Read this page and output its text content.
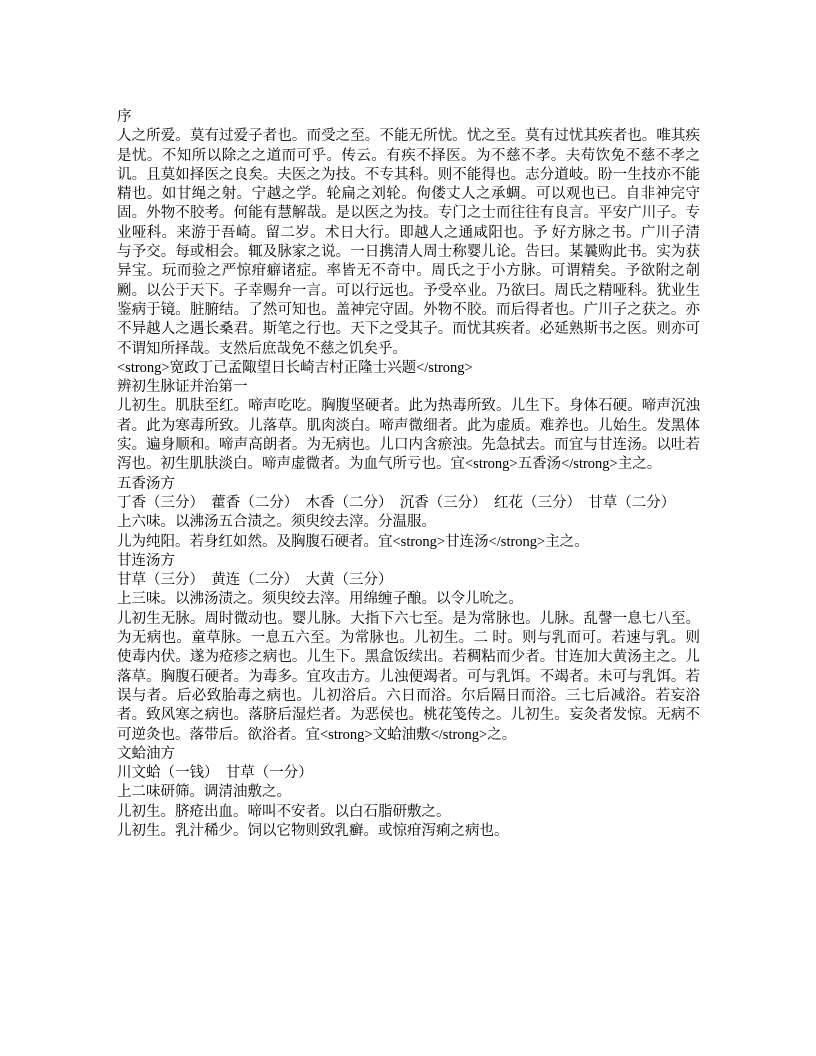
序

人之所爱。莫有过爱子者也。而受之至。不能无所忧。忧之至。莫有过忧其疾者也。唯其疾是忧。不知所以除之之道而可乎。传云。有疾不择医。为不慈不孝。夫苟饮免不慈不孝之讥。且莫如择医之良矣。夫医之为技。不专其科。则不能得也。志分道岐。盼一生技亦不能精也。如甘绳之射。宁越之学。轮扁之刘轮。佝偻丈人之承蜩。可以观也已。自非神完守固。外物不胶考。何能有慧解哉。是以医之为技。专门之士而往往有良言。平安广川子。专业哑科。来游于吾崎。留二岁。术日大行。即越人之通咸阳也。予 好方脉之书。广川子清与予交。每或相会。辄及脉家之说。一日携清人周士称婴儿论。告曰。某曩购此书。实为获异宝。玩而验之严惊疳癖诸症。率皆无不奇中。周氏之于小方脉。可谓精矣。予欲附之剞劂。以公于天下。子幸赐弁一言。可以行远也。予受卒业。乃欲曰。周氏之精哑科。犹业生鉴病于镜。脏腑结。了然可知也。盖神完守固。外物不胶。而后得者也。广川子之获之。亦不异越人之遇长桑君。斯笔之行也。天下之受其子。而忧其疾者。必延熟斯书之医。则亦可不谓知所择哉。支然后庶哉免不慈之饥矣乎。

<strong>宽政丁己孟陬望日长崎吉村正隆士兴题</strong>
辨初生脉证并治第一

儿初生。肌肤至红。啼声吃吃。胸腹坚硬者。此为热毒所致。儿生下。身体石硬。啼声沉浊者。此为寒毒所致。儿落草。肌肉淡白。啼声微细者。此为虚质。难养也。儿始生。发黑体实。遍身顺和。啼声高朗者。为无病也。儿口内含瘀浊。先急拭去。而宜与甘连汤。以吐若泻也。初生肌肤淡白。啼声虚微者。为血气所亏也。宜<strong>五香汤</strong>主之。

五香汤方
丁香（三分）　藿香（二分）　木香（二分）　沉香（三分）　红花（三分）　甘草（二分）
上六味。以沸汤五合渍之。须臾绞去滓。分温服。

儿为纯阳。若身红如然。及胸腹石硬者。宜<strong>甘连汤</strong>主之。

甘连汤方
甘草（三分）　黄连（二分）　大黄（三分）
上三味。以沸汤渍之。须臾绞去滓。用绵缠子酿。以令儿吮之。

儿初生无脉。周时微动也。婴儿脉。大指下六七至。是为常脉也。儿脉。乱謦一息七八至。为无病也。童草脉。一息五六至。为常脉也。儿初生。二 时。则与乳而可。若速与乳。则使毒内伏。遂为疮疹之病也。儿生下。黑盒饭续出。若稠粘而少者。甘连加大黄汤主之。儿落草。胸腹石硬者。为毒多。宜攻击方。儿浊便竭者。可与乳饵。不竭者。未可与乳饵。若误与者。后必致胎毒之病也。儿初浴后。六日而浴。尔后隔日而浴。三七后减浴。若妄浴者。致风寒之病也。落脐后湿烂者。为恶侯也。桃花笺传之。儿初生。妄灸者发惊。无病不可逆灸也。落带后。欲浴者。宜<strong>文蛤油敷</strong>之。

文蛤油方
川文蛤（一钱）　甘草（一分）
上二味研筛。调清油敷之。
儿初生。脐疮出血。啼叫不安者。以白石脂研敷之。
儿初生。乳汁稀少。饲以它物则致乳癣。或惊疳泻痢之病也。
